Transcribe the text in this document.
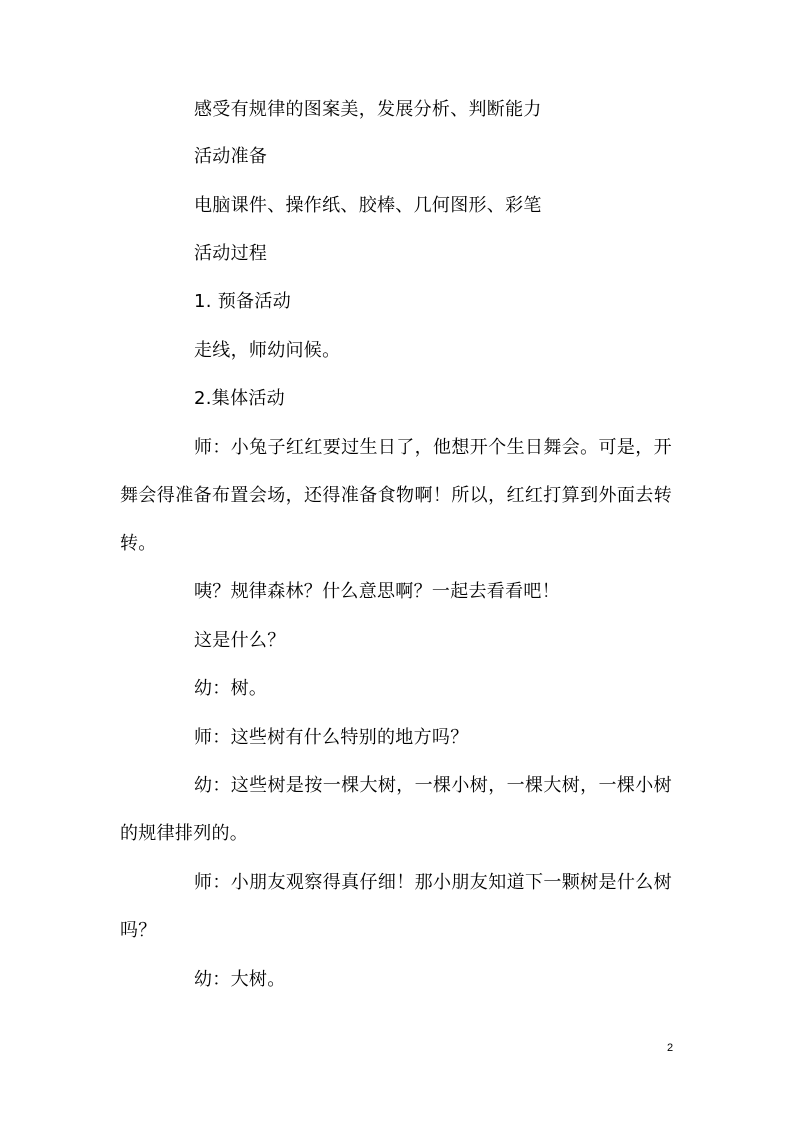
感受有规律的图案美，发展分析、判断能力
活动准备
电脑课件、操作纸、胶棒、几何图形、彩笔
活动过程
1. 预备活动
走线，师幼问候。
2.集体活动
师：小兔子红红要过生日了，他想开个生日舞会。可是，开
舞会得准备布置会场，还得准备食物啊！所以，红红打算到外面去转
转。
咦？规律森林？什么意思啊？一起去看看吧！
这是什么？
幼：树。
师：这些树有什么特别的地方吗？
幼：这些树是按一棵大树，一棵小树，一棵大树，一棵小树
的规律排列的。
师：小朋友观察得真仔细！那小朋友知道下一颗树是什么树
吗？
幼：大树。
2
